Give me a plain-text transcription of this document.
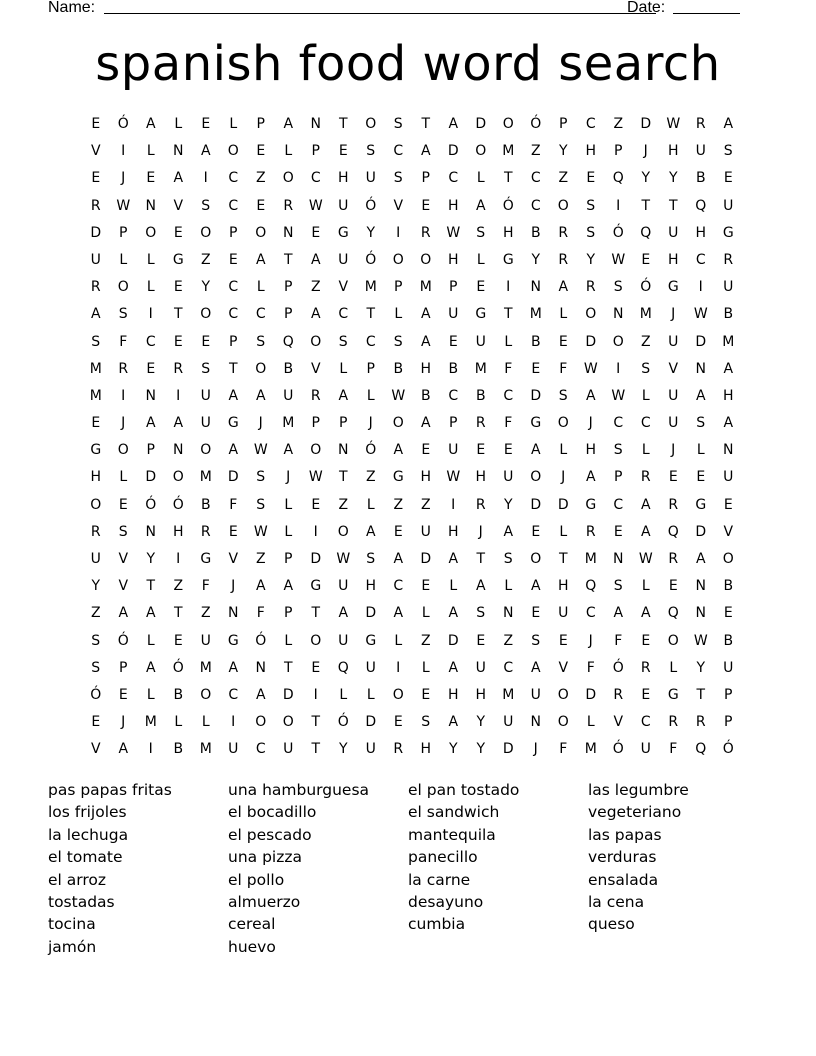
Name:	Date:
spanish food word search
E	Ó	A	L	E	L	P	A	N	T	O	S	T	A	D	O	Ó	P	C	Z	D	W	R	A
V	I	L	N	A	O	E	L	P	E	S	C	A	D	O	M	Z	Y	H	P	J	H	U	S
E	J	E	A	I	C	Z	O	C	H	U	S	P	C	L	T	C	Z	E	Q	Y	Y	B	E
R	W	N	V	S	C	E	R	W	U	Ó	V	E	H	A	Ó	C	O	S	I	T	T	Q	U
D	P	O	E	O	P	O	N	E	G	Y	I	R	W	S	H	B	R	S	Ó	Q	U	H	G
U	L	L	G	Z	E	A	T	A	U	Ó	O	O	H	L	G	Y	R	Y	W	E	H	C	R
R	O	L	E	Y	C	L	P	Z	V	M	P	M	P	E	I	N	A	R	S	Ó	G	I	U
A	S	I	T	O	C	C	P	A	C	T	L	A	U	G	T	M	L	O	N	M	J	W	B
S	F	C	E	E	P	S	Q	O	S	C	S	A	E	U	L	B	E	D	O	Z	U	D	M
M	R	E	R	S	T	O	B	V	L	P	B	H	B	M	F	E	F	W	I	S	V	N	A
M	I	N	I	U	A	A	U	R	A	L	W	B	C	B	C	D	S	A	W	L	U	A	H
E	J	A	A	U	G	J	M	P	P	J	O	A	P	R	F	G	O	J	C	C	U	S	A
G	O	P	N	O	A	W	A	O	N	Ó	A	E	U	E	E	A	L	H	S	L	J	L	N
H	L	D	O	M	D	S	J	W	T	Z	G	H	W	H	U	O	J	A	P	R	E	E	U
O	E	Ó	Ó	B	F	S	L	E	Z	L	Z	Z	I	R	Y	D	D	G	C	A	R	G	E
R	S	N	H	R	E	W	L	I	O	A	E	U	H	J	A	E	L	R	E	A	Q	D	V
U	V	Y	I	G	V	Z	P	D	W	S	A	D	A	T	S	O	T	M	N	W	R	A	O
Y	V	T	Z	F	J	A	A	G	U	H	C	E	L	A	L	A	H	Q	S	L	E	N	B
Z	A	A	T	Z	N	F	P	T	A	D	A	L	A	S	N	E	U	C	A	A	Q	N	E
S	Ó	L	E	U	G	Ó	L	O	U	G	L	Z	D	E	Z	S	E	J	F	E	O	W	B
S	P	A	Ó	M	A	N	T	E	Q	U	I	L	A	U	C	A	V	F	Ó	R	L	Y	U
Ó	E	L	B	O	C	A	D	I	L	L	O	E	H	H	M	U	O	D	R	E	G	T	P
E	J	M	L	L	I	O	O	T	Ó	D	E	S	A	Y	U	N	O	L	V	C	R	R	P
V	A	I	B	M	U	C	U	T	Y	U	R	H	Y	Y	D	J	F	M	Ó	U	F	Q	Ó
pas papas fritas
los frijoles
la lechuga
el tomate
el arroz
tostadas
tocina
jamón
una hamburguesa
el bocadillo
el pescado
una pizza
el pollo
almuerzo
cereal
huevo
el pan tostado
el sandwich
mantequila
panecillo
la carne
desayuno
cumbia
las legumbre
vegeteriano
las papas
verduras
ensalada
la cena
queso
